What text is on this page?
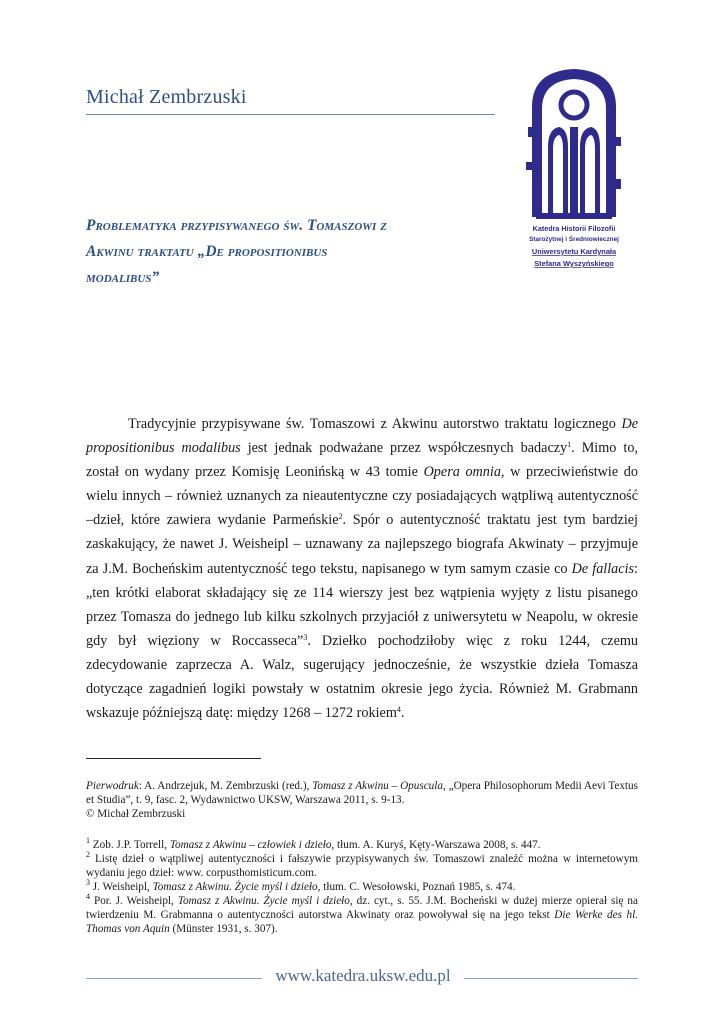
Michał Zembrzuski
Katedra Historii Filozofii
Starożytnej i Średniowiecznej
Uniwersytetu Kardynała
Stefana Wyszyńskiego
Problematyka przypisywanego św. Tomaszowi z
Akwinu traktatu „De propositionibus
modalibus”

Tradycyjnie przypisywane św. Tomaszowi z Akwinu autorstwo traktatu logicznego De propositionibus modalibus jest jednak podważane przez współczesnych badaczy$^1$. Mimo to, został on wydany przez Komisję Leonińską w 43 tomie Opera omnia, w przeciwieństwie do wielu innych – również uznanych za nieautentyczne czy posiadających wątpliwą autentyczność –dzieł, które zawiera wydanie Parmeńskie$^2$. Spór o autentyczność traktatu jest tym bardziej zaskakujący, że nawet J. Weisheipl – uznawany za najlepszego biografa Akwinaty – przyjmuje za J.M. Bocheńskim autentyczność tego tekstu, napisanego w tym samym czasie co De fallacis: „ten krótki elaborat składający się ze 114 wierszy jest bez wątpienia wyjęty z listu pisanego przez Tomasza do jednego lub kilku szkolnych przyjaciół z uniwersytetu w Neapolu, w okresie gdy był więziony w Roccasseca”$^3$. Dziełko pochodziłoby więc z roku 1244, czemu zdecydowanie zaprzecza A. Walz, sugerujący jednocześnie, że wszystkie dzieła Tomasza dotyczące zagadnień logiki powstały w ostatnim okresie jego życia. Również M. Grabmann wskazuje późniejszą datę: między 1268 – 1272 rokiem$^4$.

Pierwodruk: A. Andrzejuk, M. Zembrzuski (red.), Tomasz z Akwinu – Opuscula, „Opera Philosophorum Medii Aevi Textus et Studia”, t. 9, fasc. 2, Wydawnictwo UKSW, Warszawa 2011, s. 9-13.
© Michał Zembrzuski
$^1$ Zob. J.P. Torrell, Tomasz z Akwinu – człowiek i dzieło, tłum. A. Kuryś, Kęty-Warszawa 2008, s. 447.
$^2$ Listę dzieł o wątpliwej autentyczności i fałszywie przypisywanych św. Tomaszowi znaleźć można w internetowym wydaniu jego dzieł: www. corpusthomisticum.com.
$^3$ J. Weisheipl, Tomasz z Akwinu. Życie myśl i dzieło, tłum. C. Wesołowski, Poznań 1985, s. 474.
$^4$ Por. J. Weisheipl, Tomasz z Akwinu. Życie myśl i dzieło, dz. cyt., s. 55. J.M. Bocheński w dużej mierze opierał się na twierdzeniu M. Grabmanna o autentyczności autorstwa Akwinaty oraz powoływał się na jego tekst Die Werke des hl. Thomas von Aquin (Münster 1931, s. 307).
www.katedra.uksw.edu.pl
